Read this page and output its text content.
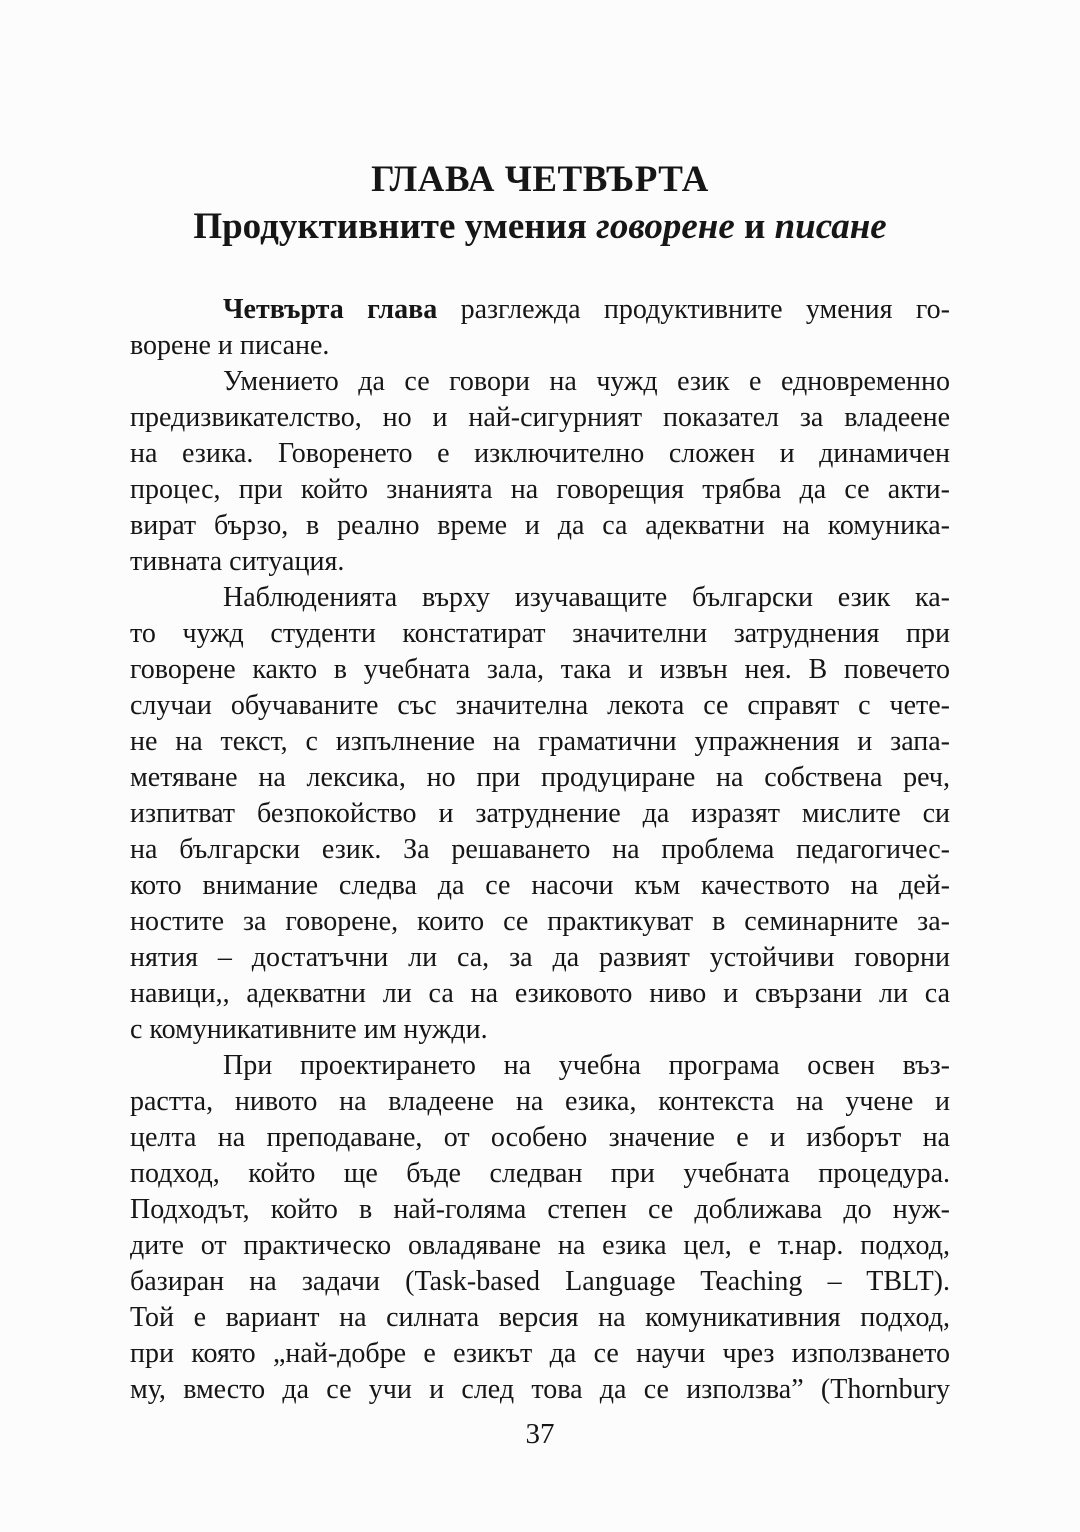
ГЛАВА ЧЕТВЪРТА
Продуктивните умения говорене и писане
Четвърта глава разглежда продуктивните умения го-
ворене и писане.
Умението да се говори на чужд език е едновременно
предизвикателство, но и най-сигурният показател за владеене
на езика. Говоренето е изключително сложен и динамичен
процес, при който знанията на говорещия трябва да се акти-
вират бързо, в реално време и да са адекватни на комуника-
тивната ситуация.
Наблюденията върху изучаващите български език ка-
то чужд студенти констатират значителни затруднения при
говорене както в учебната зала, така и извън нея. В повечето
случаи обучаваните със значителна лекота се справят с чете-
не на текст, с изпълнение на граматични упражнения и запа-
метяване на лексика, но при продуциране на собствена реч,
изпитват безпокойство и затруднение да изразят мислите си
на български език. За решаването на проблема педагогичес-
кото внимание следва да се насочи към качеството на дей-
ностите за говорене, които се практикуват в семинарните за-
нятия – достатъчни ли са, за да развият устойчиви говорни
навици,, адекватни ли са на езиковото ниво и свързани ли са
с комуникативните им нужди.
При проектирането на учебна програма освен въз-
растта, нивото на владеене на езика, контекста на учене и
целта на преподаване, от особено значение е и изборът на
подход, който ще бъде следван при учебната процедура.
Подходът, който в най-голяма степен се доближава до нуж-
дите от практическо овладяване на езика цел, е т.нар. подход,
базиран на задачи (Task-based Language Teaching – TBLT).
Той е вариант на силната версия на комуникативния подход,
при която „най-добре е езикът да се научи чрез използването
му, вместо да се учи и след това да се използва” (Thornbury
37
